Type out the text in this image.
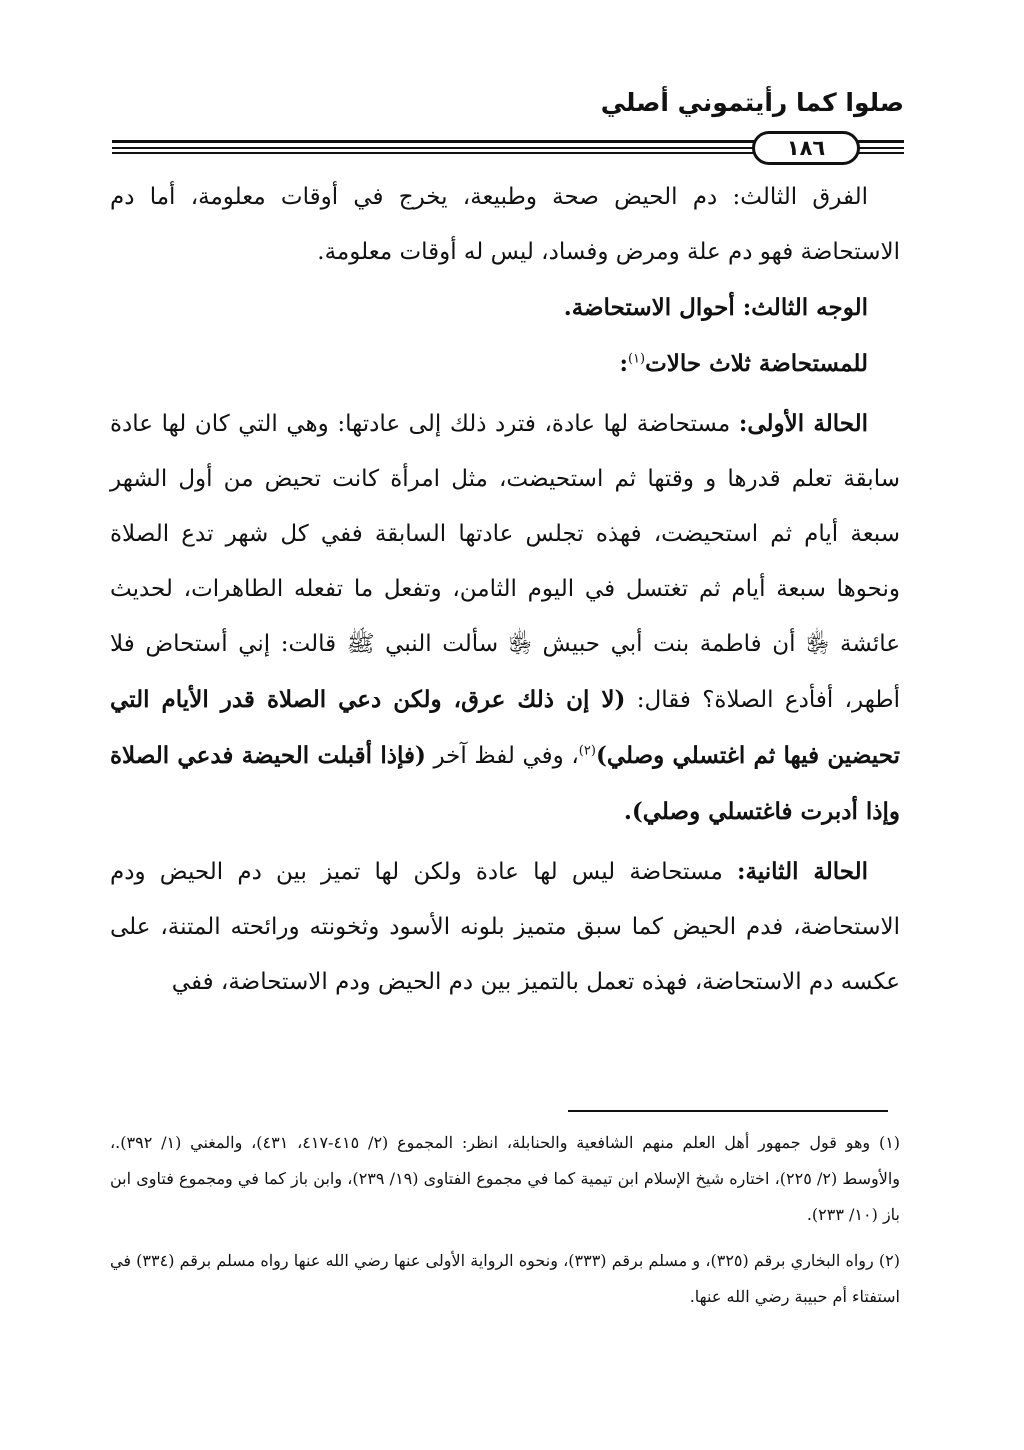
صلوا كما رأيتموني أصلي
١٨٦

الفرق الثالث: دم الحيض صحة وطبيعة، يخرج في أوقات معلومة، أما دم الاستحاضة فهو دم علة ومرض وفساد، ليس له أوقات معلومة.

الوجه الثالث: أحوال الاستحاضة.

للمستحاضة ثلاث حالات$^{(١)}$:

الحالة الأولى: مستحاضة لها عادة، فترد ذلك إلى عادتها: وهي التي كان لها عادة سابقة تعلم قدرها و وقتها ثم استحيضت، مثل امرأة كانت تحيض من أول الشهر سبعة أيام ثم استحيضت، فهذه تجلس عادتها السابقة ففي كل شهر تدع الصلاة ونحوها سبعة أيام ثم تغتسل في اليوم الثامن، وتفعل ما تفعله الطاهرات، لحديث عائشة ﵂ أن فاطمة بنت أبي حبيش ﵂ سألت النبي ﷺ قالت: إني أستحاض فلا أطهر، أفأدع الصلاة؟ فقال: (لا إن ذلك عرق، ولكن دعي الصلاة قدر الأيام التي تحيضين فيها ثم اغتسلي وصلي)$^{(٢)}$، وفي لفظ آخر (فإذا أقبلت الحيضة فدعي الصلاة وإذا أدبرت فاغتسلي وصلي).

الحالة الثانية: مستحاضة ليس لها عادة ولكن لها تميز بين دم الحيض ودم الاستحاضة، فدم الحيض كما سبق متميز بلونه الأسود وثخونته ورائحته المتنة، على عكسه دم الاستحاضة، فهذه تعمل بالتميز بين دم الحيض ودم الاستحاضة، ففي

(١) وهو قول جمهور أهل العلم منهم الشافعية والحنابلة، انظر: المجموع (٢/ ٤١٥-٤١٧، ٤٣١)، والمغني (١/ ٣٩٢).، والأوسط (٢/ ٢٢٥)، اختاره شيخ الإسلام ابن تيمية كما في مجموع الفتاوى (١٩/ ٢٣٩)، وابن باز كما في ومجموع فتاوى ابن باز (١٠/ ٢٣٣).

(٢) رواه البخاري برقم (٣٢٥)، و مسلم برقم (٣٣٣)، ونحوه الرواية الأولى عنها رضي الله عنها رواه مسلم برقم (٣٣٤) في استفتاء أم حبيبة رضي الله عنها.
